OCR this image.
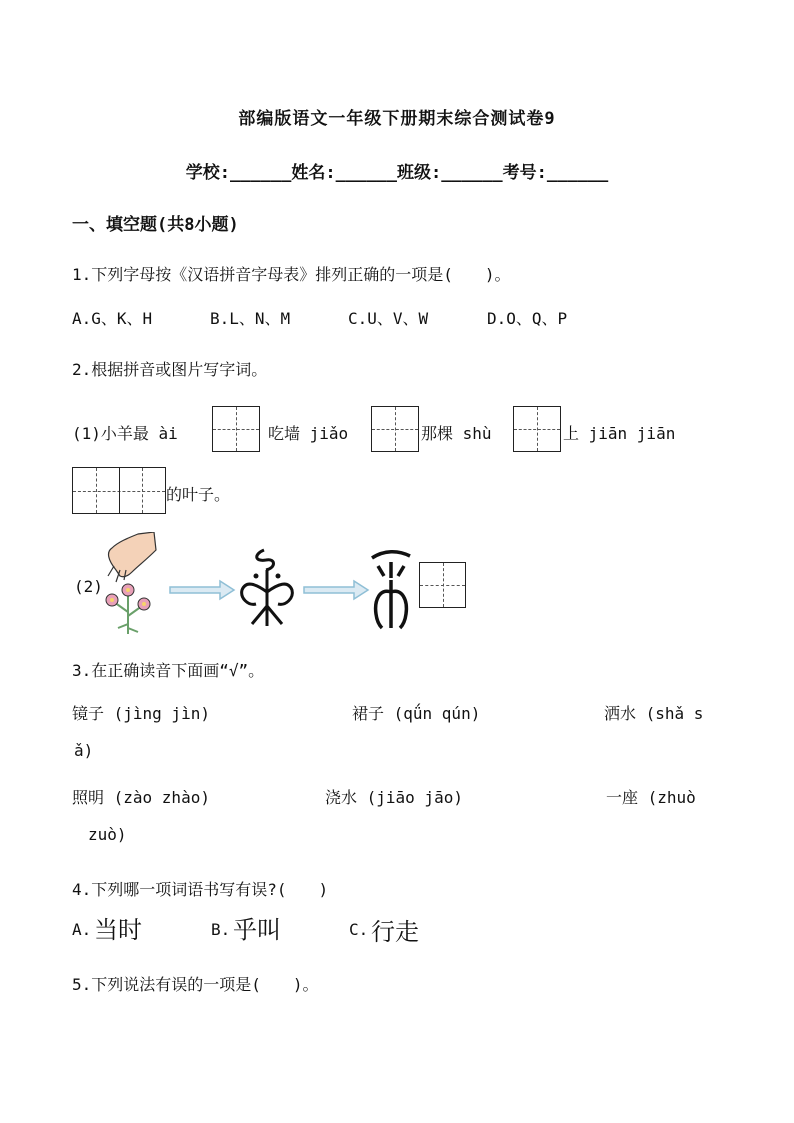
部编版语文一年级下册期末综合测试卷9
学校:______姓名:______班级:______考号:______
一、填空题(共8小题)
1.下列字母按《汉语拼音字母表》排列正确的一项是(　　)。
A.G、K、H	B.L、N、M	C.U、V、W	D.O、Q、P
2.根据拼音或图片写字词。
(1)小羊最 ài	吃墙 jiǎo	那棵 shù	上 jiān jiān
的叶子。
(2)
3.在正确读音下面画“√”。
镜子 (jìng jìn)	裙子 (qǘn qún)	洒水 (shǎ s
ǎ)
照明 (zào zhào)	浇水 (jiāo jāo)	一座 (zhuò
zuò)
4.下列哪一项词语书写有误?(　　)
A. 当时	B. 乎叫	C. 行走
5.下列说法有误的一项是(　　)。
